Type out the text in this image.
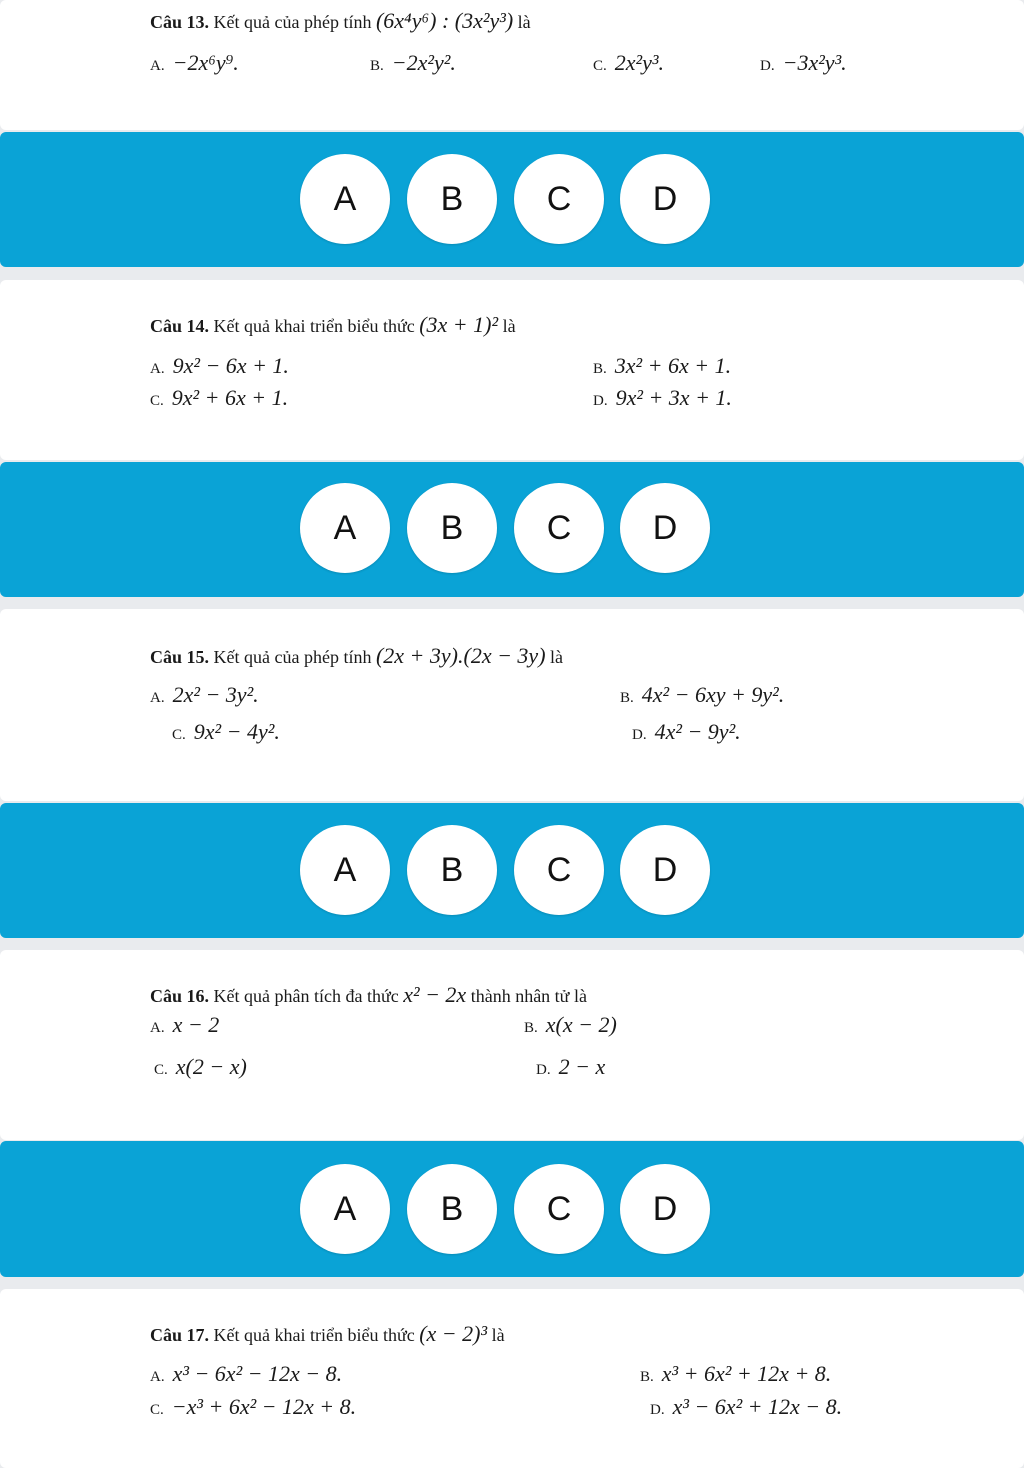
Câu 13. Kết quả của phép tính (6x⁴y⁶) : (3x²y³) là
A. −2x⁶y⁹.	B. −2x²y².	C. 2x²y³.	D. −3x²y³.
A	B	C	D
Câu 14. Kết quả khai triển biểu thức (3x + 1)² là
A. 9x² − 6x + 1.	B. 3x² + 6x + 1.
C. 9x² + 6x + 1.	D. 9x² + 3x + 1.
A	B	C	D
Câu 15. Kết quả của phép tính (2x + 3y).(2x − 3y) là
A. 2x² − 3y².	B. 4x² − 6xy + 9y².
C. 9x² − 4y².	D. 4x² − 9y².
A	B	C	D
Câu 16. Kết quả phân tích đa thức x² − 2x thành nhân tử là
A. x − 2	B. x(x − 2)
C. x(2 − x)	D. 2 − x
A	B	C	D
Câu 17. Kết quả khai triển biểu thức (x − 2)³ là
A. x³ − 6x² − 12x − 8.	B. x³ + 6x² + 12x + 8.
C. −x³ + 6x² − 12x + 8.	D. x³ − 6x² + 12x − 8.
